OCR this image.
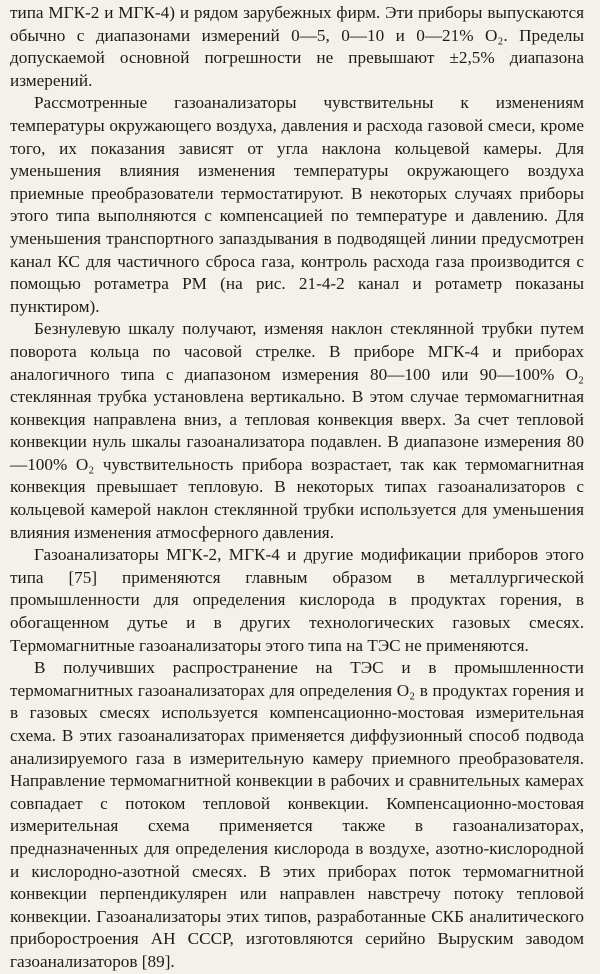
типа МГК-2 и МГК-4) и рядом зарубежных фирм. Эти приборы выпускаются обычно с диапазонами измерений 0—5, 0—10 и 0—21% O₂. Пределы допускаемой основной погрешности не превышают ±2,5% диапазона измерений.

Рассмотренные газоанализаторы чувствительны к изменениям температуры окружающего воздуха, давления и расхода газовой смеси, кроме того, их показания зависят от угла наклона кольцевой камеры. Для уменьшения влияния изменения температуры окружающего воздуха приемные преобразователи термостатируют. В некоторых случаях приборы этого типа выполняются с компенсацией по температуре и давлению. Для уменьшения транспортного запаздывания в подводящей линии предусмотрен канал КС для частичного сброса газа, контроль расхода газа производится с помощью ротаметра РМ (на рис. 21-4-2 канал и ротаметр показаны пунктиром).

Безнулевую шкалу получают, изменяя наклон стеклянной трубки путем поворота кольца по часовой стрелке. В приборе МГК-4 и приборах аналогичного типа с диапазоном измерения 80—100 или 90—100% O₂ стеклянная трубка установлена вертикально. В этом случае термомагнитная конвекция направлена вниз, а тепловая конвекция вверх. За счет тепловой конвекции нуль шкалы газоанализатора подавлен. В диапазоне измерения 80—100% O₂ чувствительность прибора возрастает, так как термомагнитная конвекция превышает тепловую. В некоторых типах газоанализаторов с кольцевой камерой наклон стеклянной трубки используется для уменьшения влияния изменения атмосферного давления.

Газоанализаторы МГК-2, МГК-4 и другие модификации приборов этого типа [75] применяются главным образом в металлургической промышленности для определения кислорода в продуктах горения, в обогащенном дутье и в других технологических газовых смесях. Термомагнитные газоанализаторы этого типа на ТЭС не применяются.

В получивших распространение на ТЭС и в промышленности термомагнитных газоанализаторах для определения O₂ в продуктах горения и в газовых смесях используется компенсационно-мостовая измерительная схема. В этих газоанализаторах применяется диффузионный способ подвода анализируемого газа в измерительную камеру приемного преобразователя. Направление термомагнитной конвекции в рабочих и сравнительных камерах совпадает с потоком тепловой конвекции. Компенсационно-мостовая измерительная схема применяется также в газоанализаторах, предназначенных для определения кислорода в воздухе, азотно-кислородной и кислородно-азотной смесях. В этих приборах поток термомагнитной конвекции перпендикулярен или направлен навстречу потоку тепловой конвекции. Газоанализаторы этих типов, разработанные СКБ аналитического приборостроения АН СССР, изготовляются серийно Выруским заводом газоанализаторов [89].
